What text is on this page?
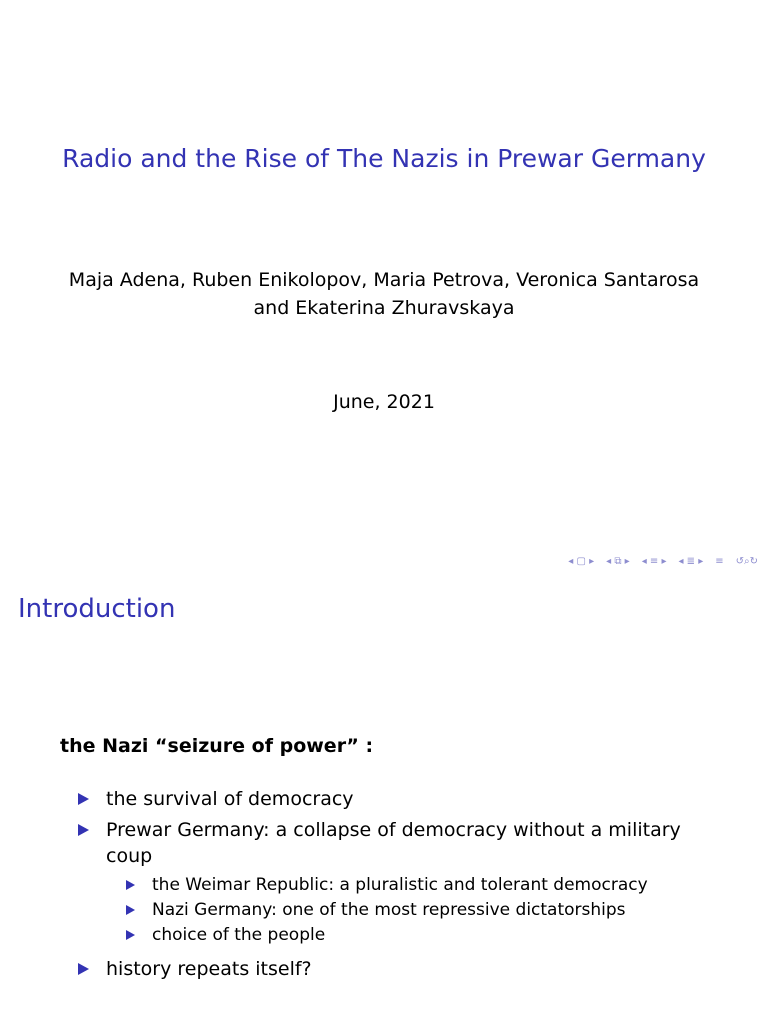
Radio and the Rise of The Nazis in Prewar Germany
Maja Adena, Ruben Enikolopov, Maria Petrova, Veronica Santarosa and Ekaterina Zhuravskaya
June, 2021
◂ ▢ ▸ ◂ ⧉ ▸ ◂ ≡ ▸ ◂ ≣ ▸ ≡ ↺⌕↻
Introduction
the Nazi “seizure of power” :
the survival of democracy
Prewar Germany: a collapse of democracy without a military coup
the Weimar Republic: a pluralistic and tolerant democracy
Nazi Germany: one of the most repressive dictatorships
choice of the people
history repeats itself?
